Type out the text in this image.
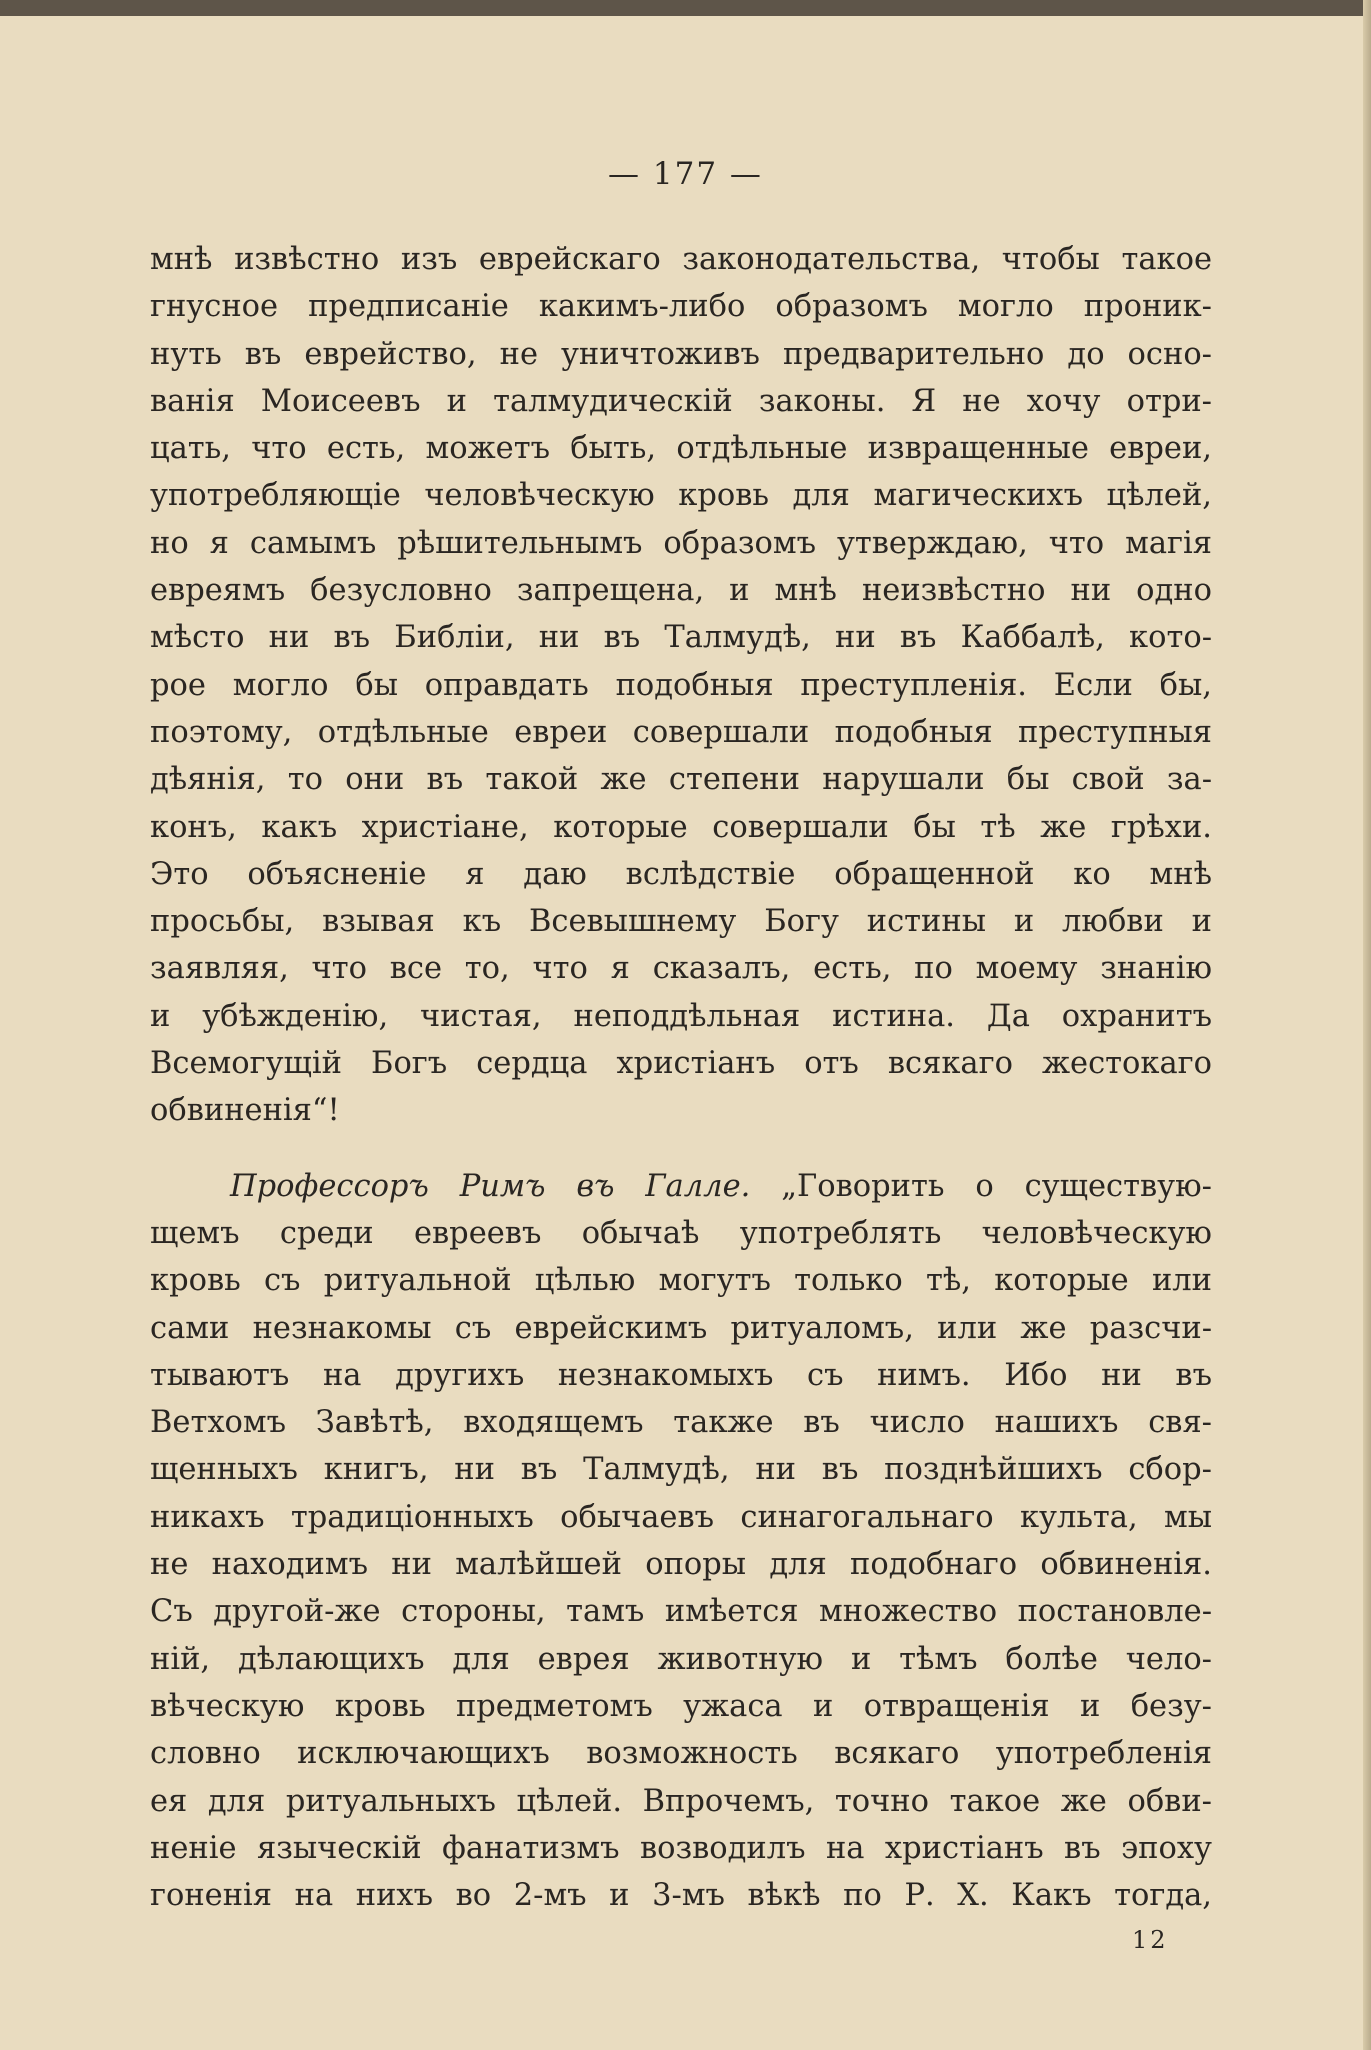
— 177 —
мнѣ извѣстно изъ еврейскаго законодательства, чтобы такое
гнусное предписаніе какимъ-либо образомъ могло проник-
нуть въ еврейство, не уничтоживъ предварительно до осно-
ванія Моисеевъ и талмудическій законы. Я не хочу отри-
цать, что есть, можетъ быть, отдѣльные извращенные евреи,
употребляющіе человѣческую кровь для магическихъ цѣлей,
но я самымъ рѣшительнымъ образомъ утверждаю, что магія
евреямъ безусловно запрещена, и мнѣ неизвѣстно ни одно
мѣсто ни въ Библіи, ни въ Талмудѣ, ни въ Каббалѣ, кото-
рое могло бы оправдать подобныя преступленія. Если бы,
поэтому, отдѣльные евреи совершали подобныя преступныя
дѣянія, то они въ такой же степени нарушали бы свой за-
конъ, какъ христіане, которые совершали бы тѣ же грѣхи.
Это объясненіе я даю вслѣдствіе обращенной ко мнѣ
просьбы, взывая къ Всевышнему Богу истины и любви и
заявляя, что все то, что я сказалъ, есть, по моему знанію
и убѣжденію, чистая, неподдѣльная истина. Да охранитъ
Всемогущій Богъ сердца христіанъ отъ всякаго жестокаго
обвиненія“!
Профессоръ Римъ въ Галле. „Говорить о существую-
щемъ среди евреевъ обычаѣ употреблять человѣческую
кровь съ ритуальной цѣлью могутъ только тѣ, которые или
сами незнакомы съ еврейскимъ ритуаломъ, или же разсчи-
тываютъ на другихъ незнакомыхъ съ нимъ. Ибо ни въ
Ветхомъ Завѣтѣ, входящемъ также въ число нашихъ свя-
щенныхъ книгъ, ни въ Талмудѣ, ни въ позднѣйшихъ сбор-
никахъ традиціонныхъ обычаевъ синагогальнаго культа, мы
не находимъ ни малѣйшей опоры для подобнаго обвиненія.
Съ другой-же стороны, тамъ имѣется множество постановле-
ній, дѣлающихъ для еврея животную и тѣмъ болѣе чело-
вѣческую кровь предметомъ ужаса и отвращенія и безу-
словно исключающихъ возможность всякаго употребленія
ея для ритуальныхъ цѣлей. Впрочемъ, точно такое же обви-
неніе языческій фанатизмъ возводилъ на христіанъ въ эпоху
гоненія на нихъ во 2-мъ и 3-мъ вѣкѣ по Р. Х. Какъ тогда,
12
